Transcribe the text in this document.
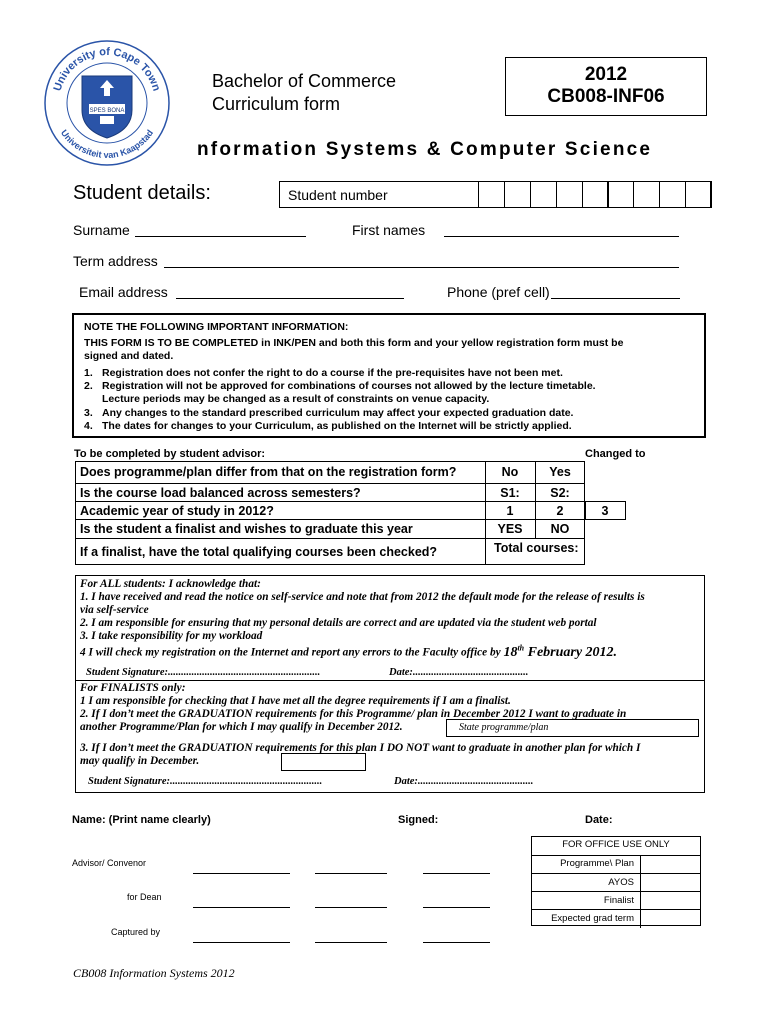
University of Cape Town
Universiteit van Kaapstad
SPES BONA
Bachelor of Commerce
Curriculum form
2012
CB008-INF06
nformation Systems & Computer Science
Student details:	Student number
Surname	First names
Term address
Email address	Phone (pref cell)
NOTE THE FOLLOWING IMPORTANT INFORMATION:
THIS FORM IS TO BE COMPLETED in INK/PEN and both this form and your yellow registration form must be
signed and dated.
1. Registration does not confer the right to do a course if the pre-requisites have not been met.
2. Registration will not be approved for combinations of courses not allowed by the lecture timetable.
Lecture periods may be changed as a result of constraints on venue capacity.
3. Any changes to the standard prescribed curriculum may affect your expected graduation date.
4. The dates for changes to your Curriculum, as published on the Internet will be strictly applied.
To be completed by student advisor:	Changed to
Does programme/plan differ from that on the registration form?	No	Yes
Is the course load balanced across semesters?	S1:	S2:
Academic year of study in 2012?	1	2	3
Is the student a finalist and wishes to graduate this year	YES	NO
If a finalist, have the total qualifying courses been checked?	Total courses:
For ALL students: I acknowledge that:
1. I have received and read the notice on self-service and note that from 2012 the default mode for the release of results is
via self-service
2. I am responsible for ensuring that my personal details are correct and are updated via the student web portal
3. I take responsibility for my workload
4 I will check my registration on the Internet and report any errors to the Faculty office by 18th February 2012.
Student Signature:..........................................................	Date:............................................
For FINALISTS only:
1 I am responsible for checking that I have met all the degree requirements if I am a finalist.
2. If I don’t meet the GRADUATION requirements for this Programme/ plan in December 2012 I want to graduate in
another Programme/Plan for which I may qualify in December 2012.	State programme/plan
3. If I don’t meet the GRADUATION requirements for this plan I DO NOT want to graduate in another plan for which I
may qualify in December.
Student Signature:..........................................................	Date:............................................
Name: (Print name clearly)	Signed:	Date:
Advisor/ Convenor
for Dean
Captured by
FOR OFFICE USE ONLY
Programme\ Plan
AYOS
Finalist
Expected grad term
CB008 Information Systems 2012
